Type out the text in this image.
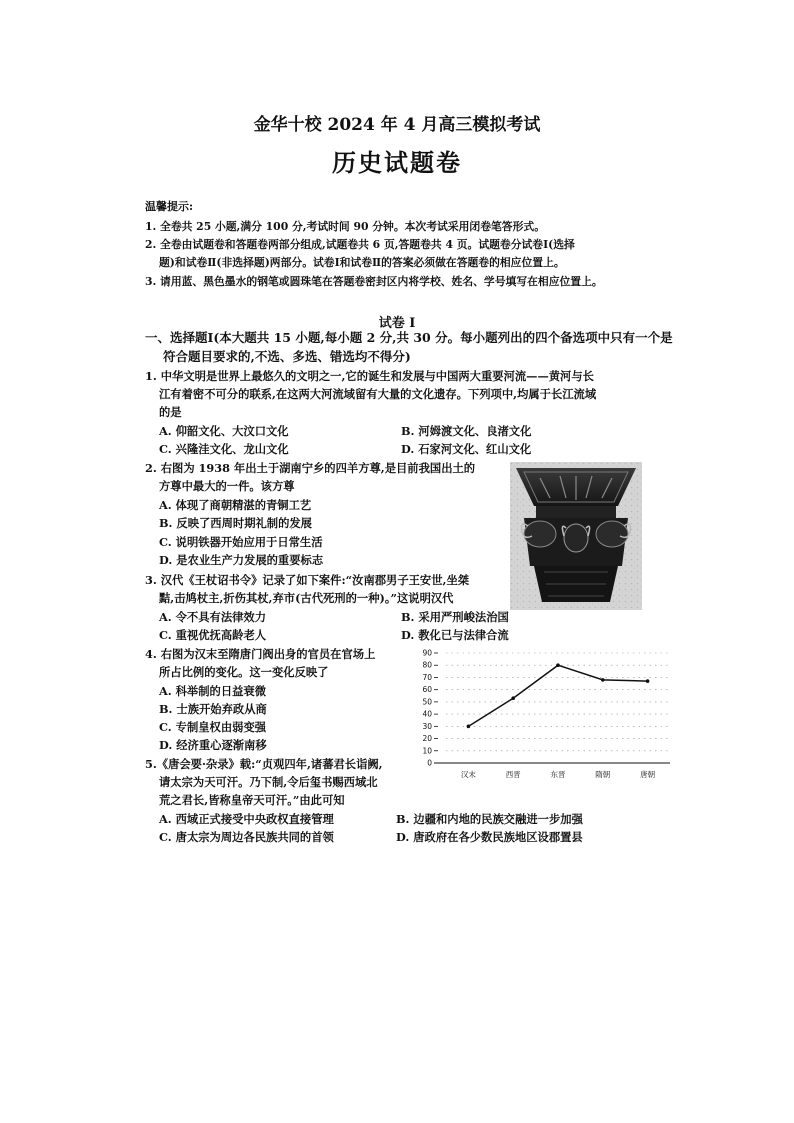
金华十校 2024 年 4 月高三模拟考试
历史试题卷
温馨提示:
1. 全卷共 25 小题,满分 100 分,考试时间 90 分钟。本次考试采用闭卷笔答形式。
2. 全卷由试题卷和答题卷两部分组成,试题卷共 6 页,答题卷共 4 页。试题卷分试卷Ⅰ(选择
题)和试卷Ⅱ(非选择题)两部分。试卷Ⅰ和试卷Ⅱ的答案必须做在答题卷的相应位置上。
3. 请用蓝、黑色墨水的钢笔或圆珠笔在答题卷密封区内将学校、姓名、学号填写在相应位置上。
试卷 I
一、选择题Ⅰ(本大题共 15 小题,每小题 2 分,共 30 分。每小题列出的四个备选项中只有一个是
符合题目要求的,不选、多选、错选均不得分)
1. 中华文明是世界上最悠久的文明之一,它的诞生和发展与中国两大重要河流——黄河与长
江有着密不可分的联系,在这两大河流域留有大量的文化遗存。下列项中,均属于长江流域
的是
A. 仰韶文化、大汶口文化	B. 河姆渡文化、良渚文化
C. 兴隆洼文化、龙山文化	D. 石家河文化、红山文化
2. 右图为 1938 年出土于湖南宁乡的四羊方尊,是目前我国出土的
方尊中最大的一件。该方尊
A. 体现了商朝精湛的青铜工艺
B. 反映了西周时期礼制的发展
C. 说明铁器开始应用于日常生活
D. 是农业生产力发展的重要标志
3. 汉代《王杖诏书令》记录了如下案件:“汝南郡男子王安世,坐桀
黠,击鸠杖主,折伤其杖,弃市(古代死刑的一种)。”这说明汉代
A. 令不具有法律效力	B. 采用严刑峻法治国
C. 重视优抚高龄老人	D. 教化已与法律合流
4. 右图为汉末至隋唐门阀出身的官员在官场上
所占比例的变化。这一变化反映了
A. 科举制的日益衰微
B. 士族开始弃政从商
C. 专制皇权由弱变强
D. 经济重心逐渐南移
0
10
20
30
40
50
60
70
80
90
汉末	西晋	东晋	隋朝	唐朝
5.《唐会要·杂录》载:“贞观四年,诸蕃君长诣阙,
请太宗为天可汗。乃下制,令后玺书赐西域北
荒之君长,皆称皇帝天可汗。”由此可知
A. 西域正式接受中央政权直接管理	B. 边疆和内地的民族交融进一步加强
C. 唐太宗为周边各民族共同的首领	D. 唐政府在各少数民族地区设郡置县
